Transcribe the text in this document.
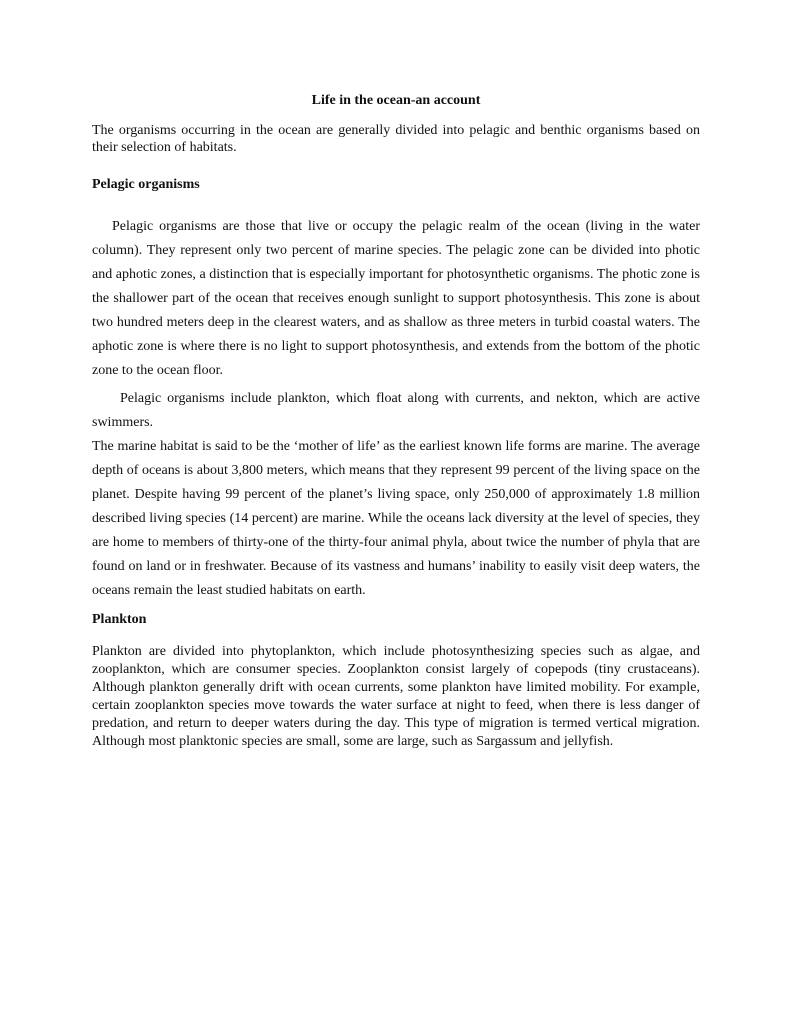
Life in the ocean-an account

The organisms occurring in the ocean are generally divided into pelagic and benthic organisms based on their selection of habitats.

Pelagic organisms

Pelagic organisms are those that live or occupy the pelagic realm of the ocean (living in the water column). They represent only two percent of marine species. The pelagic zone can be divided into photic and aphotic zones, a distinction that is especially important for photosynthetic organisms. The photic zone is the shallower part of the ocean that receives enough sunlight to support photosynthesis. This zone is about two hundred meters deep in the clearest waters, and as shallow as three meters in turbid coastal waters. The aphotic zone is where there is no light to support photosynthesis, and extends from the bottom of the photic zone to the ocean floor.

Pelagic organisms include plankton, which float along with currents, and nekton, which are active swimmers.

The marine habitat is said to be the ‘mother of life’ as the earliest known life forms are marine. The average depth of oceans is about 3,800 meters, which means that they represent 99 percent of the living space on the planet. Despite having 99 percent of the planet’s living space, only 250,000 of approximately 1.8 million described living species (14 percent) are marine. While the oceans lack diversity at the level of species, they are home to members of thirty-one of the thirty-four animal phyla, about twice the number of phyla that are found on land or in freshwater. Because of its vastness and humans’ inability to easily visit deep waters, the oceans remain the least studied habitats on earth.

Plankton

Plankton are divided into phytoplankton, which include photosynthesizing species such as algae, and zooplankton, which are consumer species. Zooplankton consist largely of copepods (tiny crustaceans). Although plankton generally drift with ocean currents, some plankton have limited mobility. For example, certain zooplankton species move towards the water surface at night to feed, when there is less danger of predation, and return to deeper waters during the day. This type of migration is termed vertical migration. Although most planktonic species are small, some are large, such as Sargassum and jellyfish.
